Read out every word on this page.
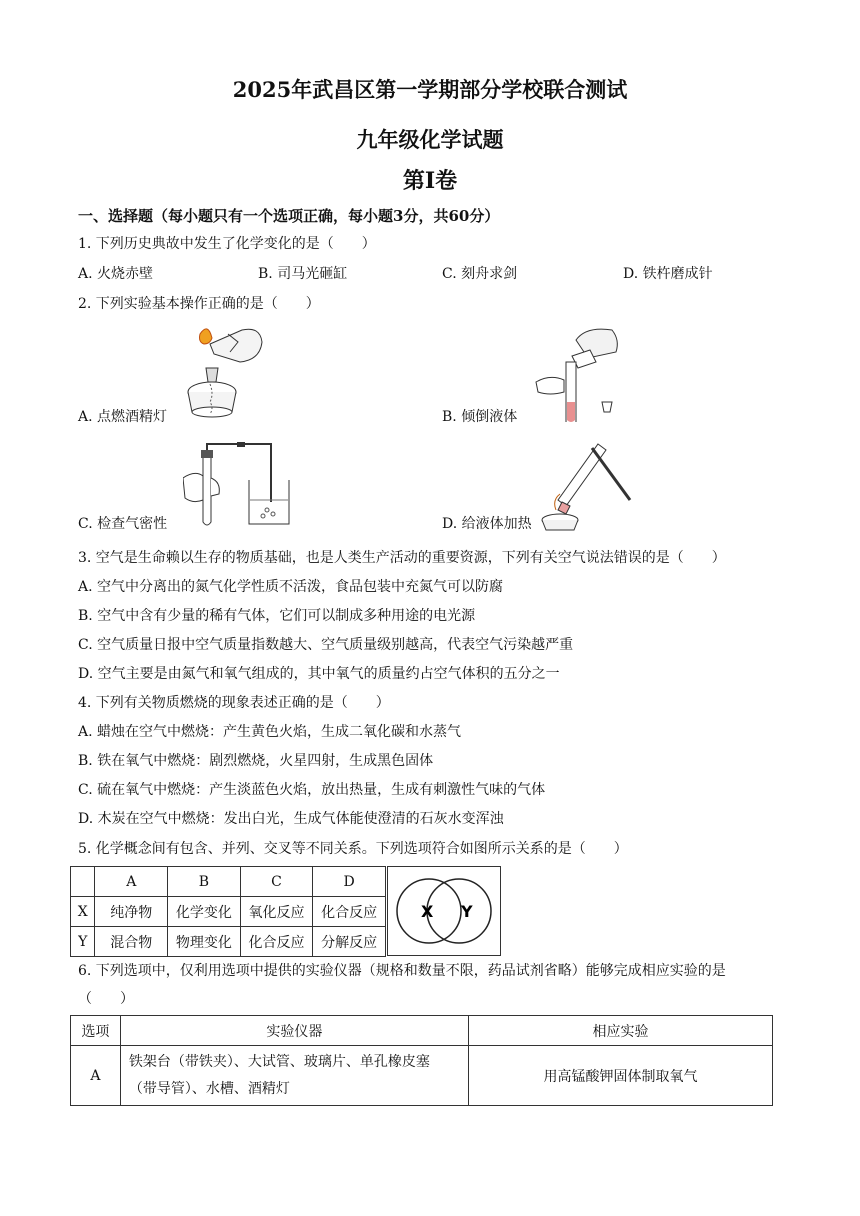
2025年武昌区第一学期部分学校联合测试
九年级化学试题
第Ⅰ卷
一、选择题（每小题只有一个选项正确，每小题3分，共60分）
1. 下列历史典故中发生了化学变化的是（　　）
A. 火烧赤壁	B. 司马光砸缸	C. 刻舟求剑	D. 铁杵磨成针
2. 下列实验基本操作正确的是（　　）
A. 点燃酒精灯	B. 倾倒液体
C. 检查气密性	D. 给液体加热
3. 空气是生命赖以生存的物质基础，也是人类生产活动的重要资源，下列有关空气说法错误的是（　　）
A. 空气中分离出的氮气化学性质不活泼，食品包装中充氮气可以防腐
B. 空气中含有少量的稀有气体，它们可以制成多种用途的电光源
C. 空气质量日报中空气质量指数越大、空气质量级别越高，代表空气污染越严重
D. 空气主要是由氮气和氧气组成的，其中氧气的质量约占空气体积的五分之一
4. 下列有关物质燃烧的现象表述正确的是（　　）
A. 蜡烛在空气中燃烧：产生黄色火焰，生成二氧化碳和水蒸气
B. 铁在氧气中燃烧：剧烈燃烧，火星四射，生成黑色固体
C. 硫在氧气中燃烧：产生淡蓝色火焰，放出热量，生成有刺激性气味的气体
D. 木炭在空气中燃烧：发出白光，生成气体能使澄清的石灰水变浑浊
5. 化学概念间有包含、并列、交叉等不同关系。下列选项符合如图所示关系的是（　　）
	A	B	C	D
X	纯净物	化学变化	氧化反应	化合反应
Y	混合物	物理变化	化合反应	分解反应
X Y
6. 下列选项中，仅利用选项中提供的实验仪器（规格和数量不限，药品试剂省略）能够完成相应实验的是
（　　）
选项	实验仪器	相应实验
A	铁架台（带铁夹）、大试管、玻璃片、单孔橡皮塞
（带导管）、水槽、酒精灯	用高锰酸钾固体制取氧气
